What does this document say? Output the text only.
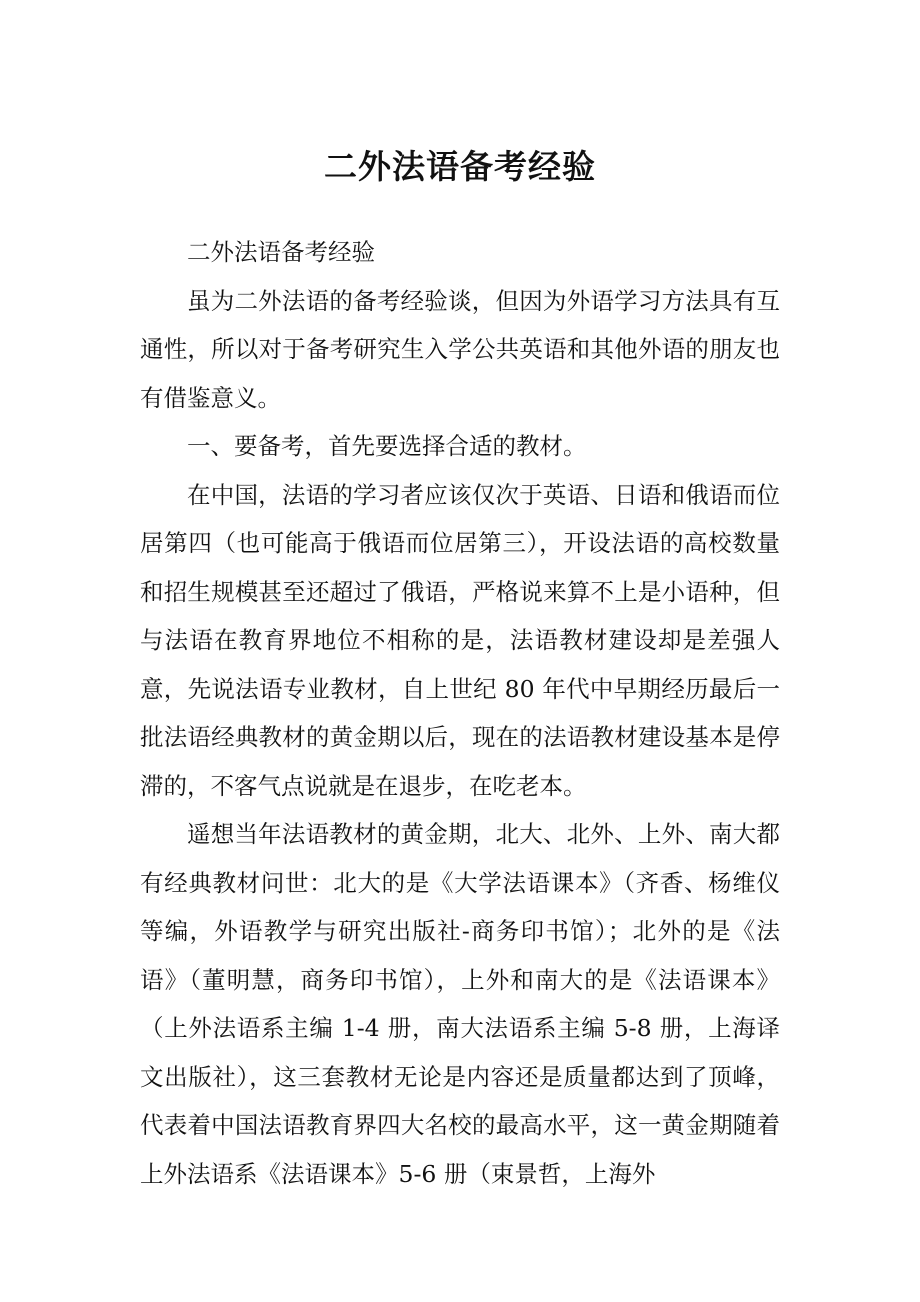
二外法语备考经验

二外法语备考经验

虽为二外法语的备考经验谈，但因为外语学习方法具有互通性，所以对于备考研究生入学公共英语和其他外语的朋友也有借鉴意义。

一、要备考，首先要选择合适的教材。

在中国，法语的学习者应该仅次于英语、日语和俄语而位居第四（也可能高于俄语而位居第三），开设法语的高校数量和招生规模甚至还超过了俄语，严格说来算不上是小语种，但与法语在教育界地位不相称的是，法语教材建设却是差强人意，先说法语专业教材，自上世纪 80 年代中早期经历最后一批法语经典教材的黄金期以后，现在的法语教材建设基本是停滞的，不客气点说就是在退步，在吃老本。

遥想当年法语教材的黄金期，北大、北外、上外、南大都有经典教材问世：北大的是《大学法语课本》（齐香、杨维仪等编，外语教学与研究出版社-商务印书馆）；北外的是《法语》（董明慧，商务印书馆），上外和南大的是《法语课本》（上外法语系主编 1-4 册，南大法语系主编 5-8 册，上海译文出版社），这三套教材无论是内容还是质量都达到了顶峰，代表着中国法语教育界四大名校的最高水平，这一黄金期随着上外法语系《法语课本》5-6 册（束景哲，上海外
